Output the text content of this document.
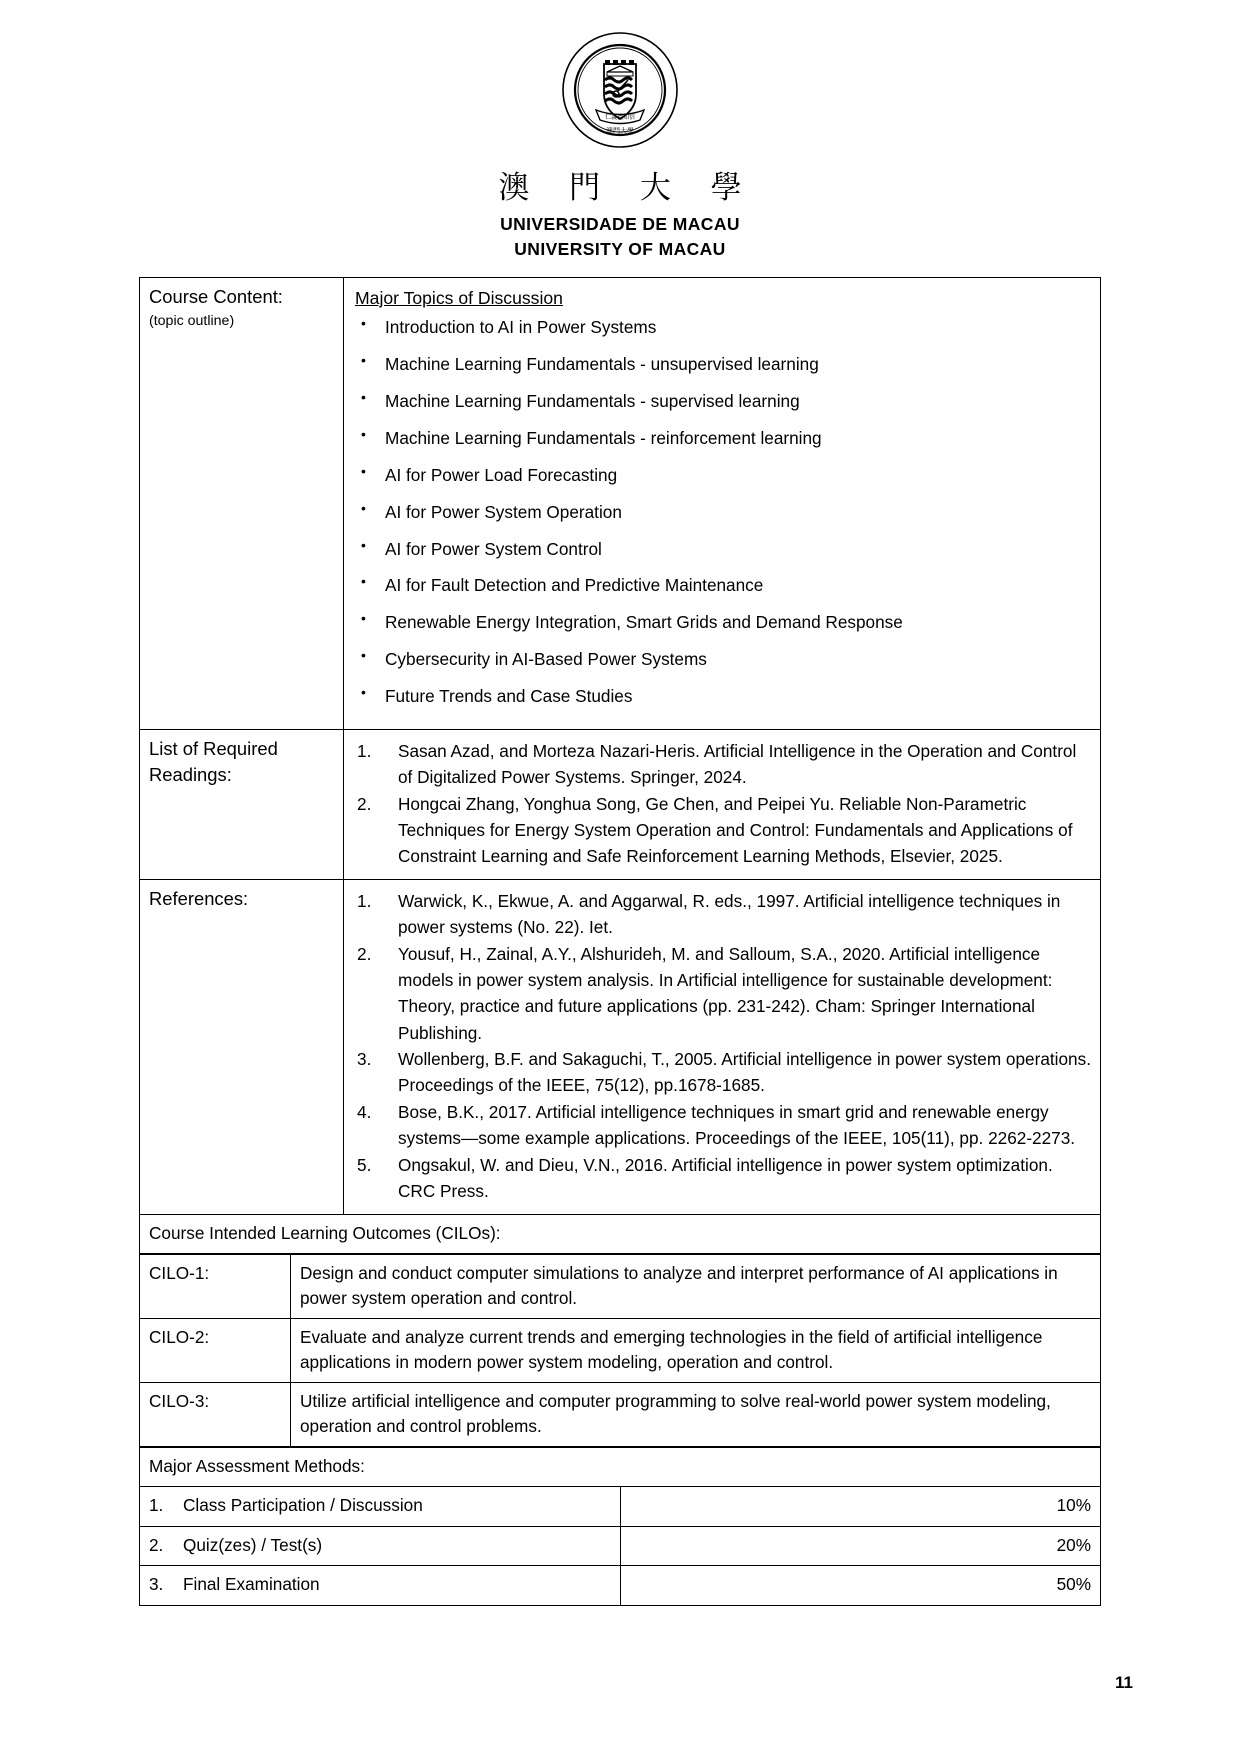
仁義禮知信
澳門大學
澳 門 大 學
UNIVERSIDADE DE MACAU
UNIVERSITY OF MACAU
Course Content:
(topic outline)

Major Topics of Discussion
• Introduction to AI in Power Systems
• Machine Learning Fundamentals - unsupervised learning
• Machine Learning Fundamentals - supervised learning
• Machine Learning Fundamentals - reinforcement learning
• AI for Power Load Forecasting
• AI for Power System Operation
• AI for Power System Control
• AI for Fault Detection and Predictive Maintenance
• Renewable Energy Integration, Smart Grids and Demand Response
• Cybersecurity in AI-Based Power Systems
• Future Trends and Case Studies

List of Required Readings:	
Sasan Azad, and Morteza Nazari-Heris. Artificial Intelligence in the Operation and Control of Digitalized Power Systems. Springer, 2024.
Hongcai Zhang, Yonghua Song, Ge Chen, and Peipei Yu. Reliable Non-Parametric Techniques for Energy System Operation and Control: Fundamentals and Applications of Constraint Learning and Safe Reinforcement Learning Methods, Elsevier, 2025.

References:	Warwick, K., Ekwue, A. and Aggarwal, R. eds., 1997. Artificial intelligence techniques in power systems (No. 22). Iet.
Yousuf, H., Zainal, A.Y., Alshurideh, M. and Salloum, S.A., 2020. Artificial intelligence models in power system analysis. In Artificial intelligence for sustainable development: Theory, practice and future applications (pp. 231-242). Cham: Springer International Publishing.
Wollenberg, B.F. and Sakaguchi, T., 2005. Artificial intelligence in power system operations. Proceedings of the IEEE, 75(12), pp.1678-1685.
Bose, B.K., 2017. Artificial intelligence techniques in smart grid and renewable energy systems—some example applications. Proceedings of the IEEE, 105(11), pp. 2262-2273.
Ongsakul, W. and Dieu, V.N., 2016. Artificial intelligence in power system optimization. CRC Press.

Course Intended Learning Outcomes (CILOs):	
CILO-1:	Design and conduct computer simulations to analyze and interpret performance of AI applications in power system operation and control.
CILO-2:	Evaluate and analyze current trends and emerging technologies in the field of artificial intelligence applications in modern power system modeling, operation and control.
CILO-3:	Utilize artificial intelligence and computer programming to solve real-world power system modeling, operation and control problems.
Major Assessment Methods:	
1. Class Participation / Discussion	10%
2. Quiz(zes) / Test(s)	20%
3. Final Examination	50%
11
